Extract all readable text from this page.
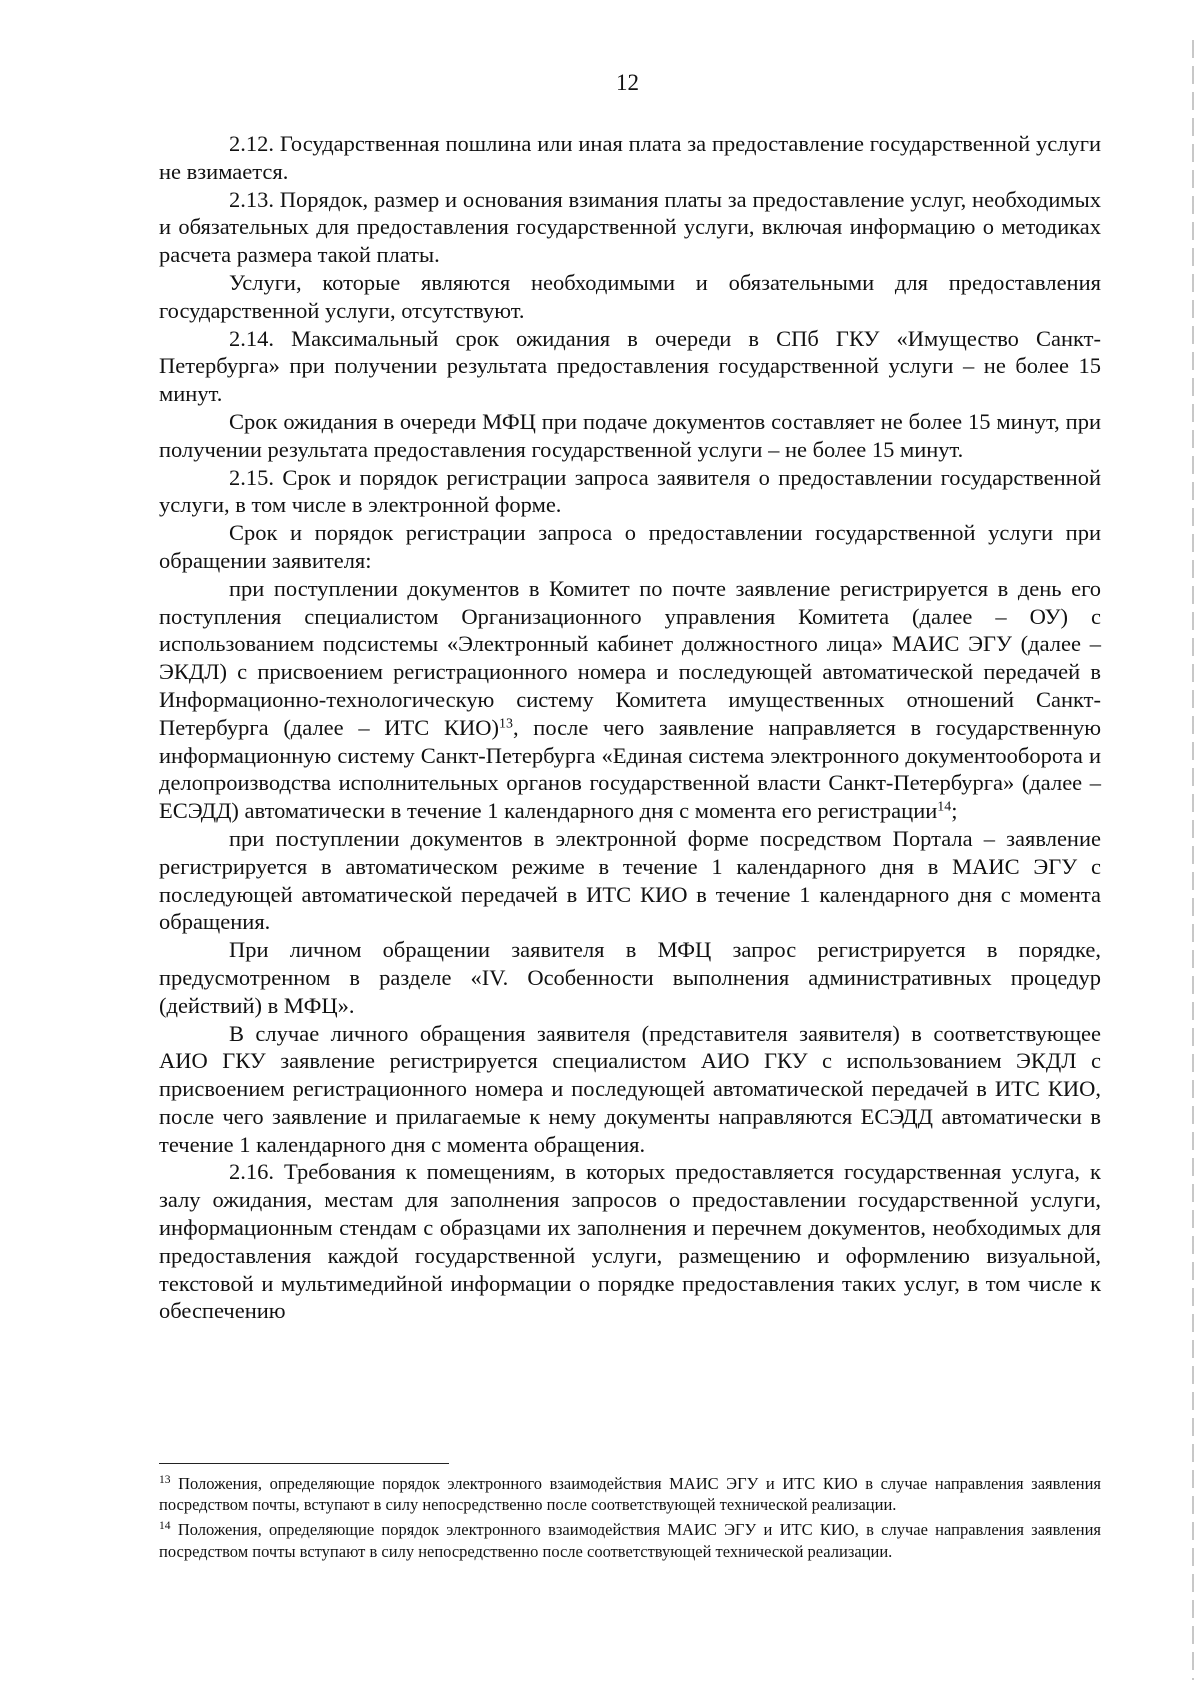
12

2.12. Государственная пошлина или иная плата за предоставление государственной услуги не взимается.

2.13. Порядок, размер и основания взимания платы за предоставление услуг, необходимых и обязательных для предоставления государственной услуги, включая информацию о методиках расчета размера такой платы.

Услуги, которые являются необходимыми и обязательными для предоставления государственной услуги, отсутствуют.

2.14. Максимальный срок ожидания в очереди в СПб ГКУ «Имущество Санкт-Петербурга» при получении результата предоставления государственной услуги – не более 15 минут.

Срок ожидания в очереди МФЦ при подаче документов составляет не более 15 минут, при получении результата предоставления государственной услуги – не более 15 минут.

2.15. Срок и порядок регистрации запроса заявителя о предоставлении государственной услуги, в том числе в электронной форме.

Срок и порядок регистрации запроса о предоставлении государственной услуги при обращении заявителя:

при поступлении документов в Комитет по почте заявление регистрируется в день его поступления специалистом Организационного управления Комитета (далее – ОУ) с использованием подсистемы «Электронный кабинет должностного лица» МАИС ЭГУ (далее – ЭКДЛ) с присвоением регистрационного номера и последующей автоматической передачей в Информационно-технологическую систему Комитета имущественных отношений Санкт-Петербурга (далее – ИТС КИО)$^{13}$, после чего заявление направляется в государственную информационную систему Санкт-Петербурга «Единая система электронного документооборота и делопроизводства исполнительных органов государственной власти Санкт-Петербурга» (далее – ЕСЭДД) автоматически в течение 1 календарного дня с момента его регистрации$^{14}$;

при поступлении документов в электронной форме посредством Портала – заявление регистрируется в автоматическом режиме в течение 1 календарного дня в МАИС ЭГУ с последующей автоматической передачей в ИТС КИО в течение 1 календарного дня с момента обращения.

При личном обращении заявителя в МФЦ запрос регистрируется в порядке, предусмотренном в разделе «IV. Особенности выполнения административных процедур (действий) в МФЦ».

В случае личного обращения заявителя (представителя заявителя) в соответствующее АИО ГКУ заявление регистрируется специалистом АИО ГКУ с использованием ЭКДЛ с присвоением регистрационного номера и последующей автоматической передачей в ИТС КИО, после чего заявление и прилагаемые к нему документы направляются ЕСЭДД автоматически в течение 1 календарного дня с момента обращения.

2.16. Требования к помещениям, в которых предоставляется государственная услуга, к залу ожидания, местам для заполнения запросов о предоставлении государственной услуги, информационным стендам с образцами их заполнения и перечнем документов, необходимых для предоставления каждой государственной услуги, размещению и оформлению визуальной, текстовой и мультимедийной информации о порядке предоставления таких услуг, в том числе к обеспечению

$^{13}$ Положения, определяющие порядок электронного взаимодействия МАИС ЭГУ и ИТС КИО в случае направления заявления посредством почты, вступают в силу непосредственно после соответствующей технической реализации.

$^{14}$ Положения, определяющие порядок электронного взаимодействия МАИС ЭГУ и ИТС КИО, в случае направления заявления посредством почты вступают в силу непосредственно после соответствующей технической реализации.
